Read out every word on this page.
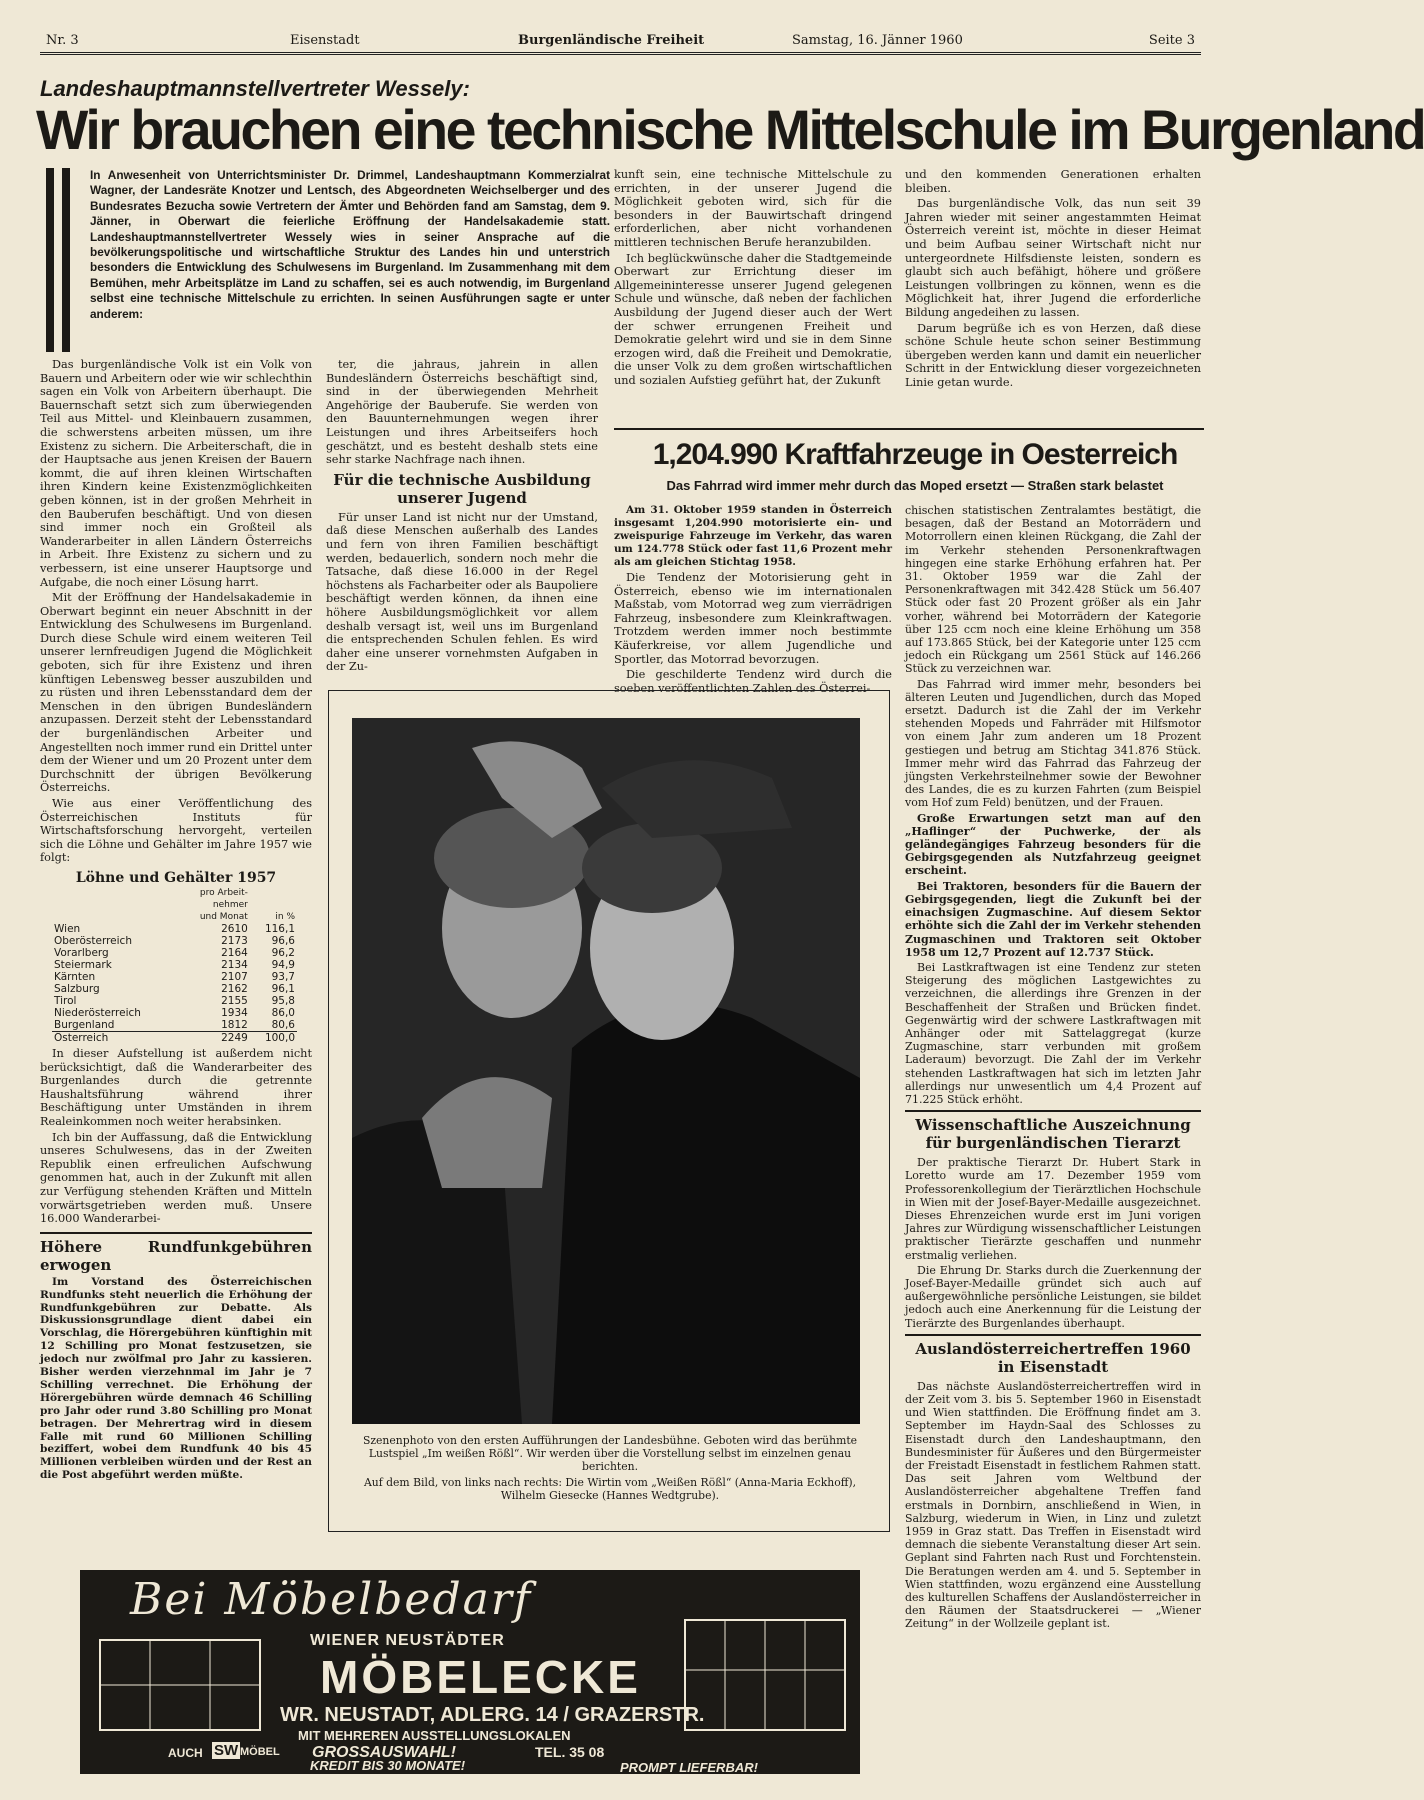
Nr. 3	Eisenstadt	Burgenländische Freiheit	Samstag, 16. Jänner 1960	Seite 3
Landeshauptmannstellvertreter Wessely:
Wir brauchen eine technische Mittelschule im Burgenland
In Anwesenheit von Unterrichtsminister Dr. Drimmel, Landeshauptmann Kommerzialrat Wagner, der Landesräte Knotzer und Lentsch, des Abgeordneten Weichselberger und des Bundesrates Bezucha sowie Vertretern der Ämter und Behörden fand am Samstag, dem 9. Jänner, in Oberwart die feierliche Eröffnung der Handelsakademie statt. Landeshauptmannstellvertreter Wessely wies in seiner Ansprache auf die bevölkerungspolitische und wirtschaftliche Struktur des Landes hin und unterstrich besonders die Entwicklung des Schulwesens im Burgenland. Im Zusammenhang mit dem Bemühen, mehr Arbeitsplätze im Land zu schaffen, sei es auch notwendig, im Burgenland selbst eine technische Mittelschule zu errichten. In seinen Ausführungen sagte er unter anderem:

Das burgenländische Volk ist ein Volk von Bauern und Arbeitern oder wie wir schlechthin sagen ein Volk von Arbeitern überhaupt. Die Bauernschaft setzt sich zum überwiegenden Teil aus Mittel- und Kleinbauern zusammen, die schwerstens arbeiten müssen, um ihre Existenz zu sichern. Die Arbeiterschaft, die in der Hauptsache aus jenen Kreisen der Bauern kommt, die auf ihren kleinen Wirtschaften ihren Kindern keine Existenzmöglichkeiten geben können, ist in der großen Mehrheit in den Bauberufen beschäftigt. Und von diesen sind immer noch ein Großteil als Wanderarbeiter in allen Ländern Österreichs in Arbeit. Ihre Existenz zu sichern und zu verbessern, ist eine unserer Hauptsorge und Aufgabe, die noch einer Lösung harrt.

Mit der Eröffnung der Handelsakademie in Oberwart beginnt ein neuer Abschnitt in der Entwicklung des Schulwesens im Burgenland. Durch diese Schule wird einem weiteren Teil unserer lernfreudigen Jugend die Möglichkeit geboten, sich für ihre Existenz und ihren künftigen Lebensweg besser auszubilden und zu rüsten und ihren Lebensstandard dem der Menschen in den übrigen Bundesländern anzupassen. Derzeit steht der Lebensstandard der burgenländischen Arbeiter und Angestellten noch immer rund ein Drittel unter dem der Wiener und um 20 Prozent unter dem Durchschnitt der übrigen Bevölkerung Österreichs.

Wie aus einer Veröffentlichung des Österreichischen Instituts für Wirtschaftsforschung hervorgeht, verteilen sich die Löhne und Gehälter im Jahre 1957 wie folgt:

Löhne und Gehälter 1957
	pro Arbeit-	
	nehmer	
	und Monat	in %
Wien	2610	116,1
Oberösterreich	2173	96,6
Vorarlberg	2164	96,2
Steiermark	2134	94,9
Kärnten	2107	93,7
Salzburg	2162	96,1
Tirol	2155	95,8
Niederösterreich	1934	86,0
Burgenland	1812	80,6
Österreich	2249	100,0

In dieser Aufstellung ist außerdem nicht berücksichtigt, daß die Wanderarbeiter des Burgenlandes durch die getrennte Haushaltsführung während ihrer Beschäftigung unter Umständen in ihrem Realeinkommen noch weiter herabsinken.

Ich bin der Auffassung, daß die Entwicklung unseres Schulwesens, das in der Zweiten Republik einen erfreulichen Aufschwung genommen hat, auch in der Zukunft mit allen zur Verfügung stehenden Kräften und Mitteln vorwärtsgetrieben werden muß. Unsere 16.000 Wanderarbei-

Höhere Rundfunkgebühren erwogen

Im Vorstand des Österreichischen Rundfunks steht neuerlich die Erhöhung der Rundfunkgebühren zur Debatte. Als Diskussionsgrundlage dient dabei ein Vorschlag, die Hörergebühren künftighin mit 12 Schilling pro Monat festzusetzen, sie jedoch nur zwölfmal pro Jahr zu kassieren. Bisher werden vierzehnmal im Jahr je 7 Schilling verrechnet. Die Erhöhung der Hörergebühren würde demnach 46 Schilling pro Jahr oder rund 3.80 Schilling pro Monat betragen. Der Mehrertrag wird in diesem Falle mit rund 60 Millionen Schilling beziffert, wobei dem Rundfunk 40 bis 45 Millionen verbleiben würden und der Rest an die Post abgeführt werden müßte.

ter, die jahraus, jahrein in allen Bundesländern Österreichs beschäftigt sind, sind in der überwiegenden Mehrheit Angehörige der Bauberufe. Sie werden von den Bauunternehmungen wegen ihrer Leistungen und ihres Arbeitseifers hoch geschätzt, und es besteht deshalb stets eine sehr starke Nachfrage nach ihnen.

Für die technische Ausbildung unserer Jugend

Für unser Land ist nicht nur der Umstand, daß diese Menschen außerhalb des Landes und fern von ihren Familien beschäftigt werden, bedauerlich, sondern noch mehr die Tatsache, daß diese 16.000 in der Regel höchstens als Facharbeiter oder als Baupoliere beschäftigt werden können, da ihnen eine höhere Ausbildungsmöglichkeit vor allem deshalb versagt ist, weil uns im Burgenland die entsprechenden Schulen fehlen. Es wird daher eine unserer vornehmsten Aufgaben in der Zu-

kunft sein, eine technische Mittelschule zu errichten, in der unserer Jugend die Möglichkeit geboten wird, sich für die besonders in der Bauwirtschaft dringend erforderlichen, aber nicht vorhandenen mittleren technischen Berufe heranzubilden.

Ich beglückwünsche daher die Stadtgemeinde Oberwart zur Errichtung dieser im Allgemeininteresse unserer Jugend gelegenen Schule und wünsche, daß neben der fachlichen Ausbildung der Jugend dieser auch der Wert der schwer errungenen Freiheit und Demokratie gelehrt wird und sie in dem Sinne erzogen wird, daß die Freiheit und Demokratie, die unser Volk zu dem großen wirtschaftlichen und sozialen Aufstieg geführt hat, der Zukunft

und den kommenden Generationen erhalten bleiben.

Das burgenländische Volk, das nun seit 39 Jahren wieder mit seiner angestammten Heimat Österreich vereint ist, möchte in dieser Heimat und beim Aufbau seiner Wirtschaft nicht nur untergeordnete Hilfsdienste leisten, sondern es glaubt sich auch befähigt, höhere und größere Leistungen vollbringen zu können, wenn es die Möglichkeit hat, ihrer Jugend die erforderliche Bildung angedeihen zu lassen.

Darum begrüße ich es von Herzen, daß diese schöne Schule heute schon seiner Bestimmung übergeben werden kann und damit ein neuerlicher Schritt in der Entwicklung dieser vorgezeichneten Linie getan wurde.

1,204.990 Kraftfahrzeuge in Oesterreich
Das Fahrrad wird immer mehr durch das Moped ersetzt — Straßen stark belastet

Am 31. Oktober 1959 standen in Österreich insgesamt 1,204.990 motorisierte ein- und zweispurige Fahrzeuge im Verkehr, das waren um 124.778 Stück oder fast 11,6 Prozent mehr als am gleichen Stichtag 1958.

Die Tendenz der Motorisierung geht in Österreich, ebenso wie im internationalen Maßstab, vom Motorrad weg zum vierrädrigen Fahrzeug, insbesondere zum Kleinkraftwagen. Trotzdem werden immer noch bestimmte Käuferkreise, vor allem Jugendliche und Sportler, das Motorrad bevorzugen.

Die geschilderte Tendenz wird durch die soeben veröffentlichten Zahlen des Österrei-

chischen statistischen Zentralamtes bestätigt, die besagen, daß der Bestand an Motorrädern und Motorrollern einen kleinen Rückgang, die Zahl der im Verkehr stehenden Personenkraftwagen hingegen eine starke Erhöhung erfahren hat. Per 31. Oktober 1959 war die Zahl der Personenkraftwagen mit 342.428 Stück um 56.407 Stück oder fast 20 Prozent größer als ein Jahr vorher, während bei Motorrädern der Kategorie über 125 ccm noch eine kleine Erhöhung um 358 auf 173.865 Stück, bei der Kategorie unter 125 ccm jedoch ein Rückgang um 2561 Stück auf 146.266 Stück zu verzeichnen war.

Das Fahrrad wird immer mehr, besonders bei älteren Leuten und Jugendlichen, durch das Moped ersetzt. Dadurch ist die Zahl der im Verkehr stehenden Mopeds und Fahrräder mit Hilfsmotor von einem Jahr zum anderen um 18 Prozent gestiegen und betrug am Stichtag 341.876 Stück. Immer mehr wird das Fahrrad das Fahrzeug der jüngsten Verkehrsteilnehmer sowie der Bewohner des Landes, die es zu kurzen Fahrten (zum Beispiel vom Hof zum Feld) benützen, und der Frauen.

Große Erwartungen setzt man auf den „Haflinger“ der Puchwerke, der als geländegängiges Fahrzeug besonders für die Gebirgsgegenden als Nutzfahrzeug geeignet erscheint.

Bei Traktoren, besonders für die Bauern der Gebirgsgegenden, liegt die Zukunft bei der einachsigen Zugmaschine. Auf diesem Sektor erhöhte sich die Zahl der im Verkehr stehenden Zugmaschinen und Traktoren seit Oktober 1958 um 12,7 Prozent auf 12.737 Stück.

Bei Lastkraftwagen ist eine Tendenz zur steten Steigerung des möglichen Lastgewichtes zu verzeichnen, die allerdings ihre Grenzen in der Beschaffenheit der Straßen und Brücken findet. Gegenwärtig wird der schwere Lastkraftwagen mit Anhänger oder mit Sattelaggregat (kurze Zugmaschine, starr verbunden mit großem Laderaum) bevorzugt. Die Zahl der im Verkehr stehenden Lastkraftwagen hat sich im letzten Jahr allerdings nur unwesentlich um 4,4 Prozent auf 71.225 Stück erhöht.

Wissenschaftliche Auszeichnung für burgenländischen Tierarzt

Der praktische Tierarzt Dr. Hubert Stark in Loretto wurde am 17. Dezember 1959 vom Professorenkollegium der Tierärztlichen Hochschule in Wien mit der Josef-Bayer-Medaille ausgezeichnet. Dieses Ehrenzeichen wurde erst im Juni vorigen Jahres zur Würdigung wissenschaftlicher Leistungen praktischer Tierärzte geschaffen und nunmehr erstmalig verliehen.

Die Ehrung Dr. Starks durch die Zuerkennung der Josef-Bayer-Medaille gründet sich auch auf außergewöhnliche persönliche Leistungen, sie bildet jedoch auch eine Anerkennung für die Leistung der Tierärzte des Burgenlandes überhaupt.

Auslandösterreichertreffen 1960 in Eisenstadt

Das nächste Auslandösterreichertreffen wird in der Zeit vom 3. bis 5. September 1960 in Eisenstadt und Wien stattfinden. Die Eröffnung findet am 3. September im Haydn-Saal des Schlosses zu Eisenstadt durch den Landeshauptmann, den Bundesminister für Äußeres und den Bürgermeister der Freistadt Eisenstadt in festlichem Rahmen statt. Das seit Jahren vom Weltbund der Auslandösterreicher abgehaltene Treffen fand erstmals in Dornbirn, anschließend in Wien, in Salzburg, wiederum in Wien, in Linz und zuletzt 1959 in Graz statt. Das Treffen in Eisenstadt wird demnach die siebente Veranstaltung dieser Art sein. Geplant sind Fahrten nach Rust und Forchtenstein. Die Beratungen werden am 4. und 5. September in Wien stattfinden, wozu ergänzend eine Ausstellung des kulturellen Schaffens der Auslandösterreicher in den Räumen der Staatsdruckerei — „Wiener Zeitung“ in der Wollzeile geplant ist.

Szenenphoto von den ersten Aufführungen der Landesbühne. Geboten wird das berühmte Lustspiel „Im weißen Rößl“. Wir werden über die Vorstellung selbst im einzelnen genau berichten.
Auf dem Bild, von links nach rechts: Die Wirtin vom „Weißen Rößl“ (Anna-Maria Eckhoff), Wilhelm Giesecke (Hannes Wedtgrube).
Bei Möbelbedarf
WIENER NEUSTÄDTER
MÖBELECKE
WR. NEUSTADT, ADLERG. 14 / GRAZERSTR.
MIT MEHREREN AUSSTELLUNGSLOKALEN
GROSSAUSWAHL!	TEL. 35 08
KREDIT BIS 30 MONATE!	PROMPT LIEFERBAR!
AUCH SW MÖBEL
